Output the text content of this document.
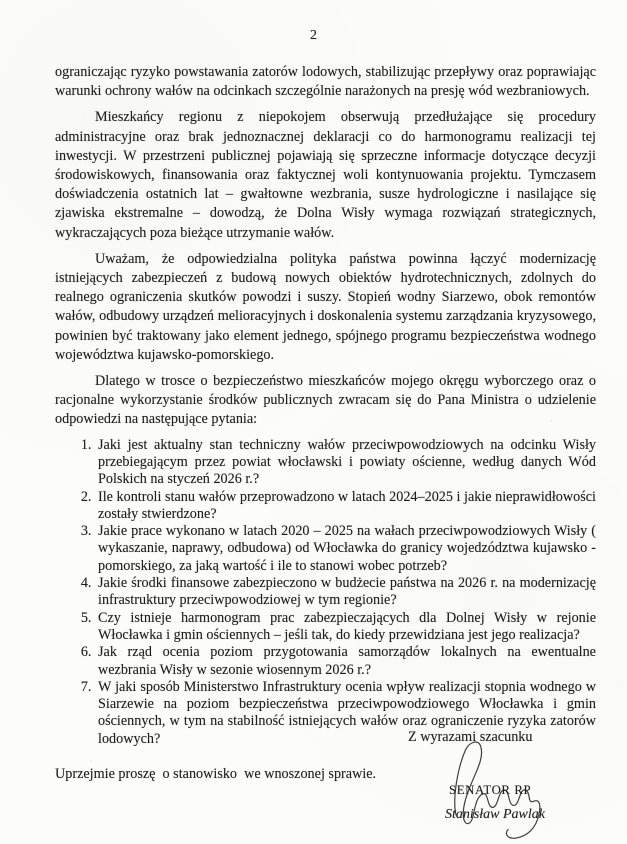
2

ograniczając ryzyko powstawania zatorów lodowych, stabilizując przepływy oraz poprawiając warunki ochrony wałów na odcinkach szczególnie narażonych na presję wód wezbraniowych.

Mieszkańcy regionu z niepokojem obserwują przedłużające się procedury administracyjne oraz brak jednoznacznej deklaracji co do harmonogramu realizacji tej inwestycji. W przestrzeni publicznej pojawiają się sprzeczne informacje dotyczące decyzji środowiskowych, finansowania oraz faktycznej woli kontynuowania projektu. Tymczasem doświadczenia ostatnich lat – gwałtowne wezbrania, susze hydrologiczne i nasilające się zjawiska ekstremalne – dowodzą, że Dolna Wisły wymaga rozwiązań strategicznych, wykraczających poza bieżące utrzymanie wałów.

Uważam, że odpowiedzialna polityka państwa powinna łączyć modernizację istniejących zabezpieczeń z budową nowych obiektów hydrotechnicznych, zdolnych do realnego ograniczenia skutków powodzi i suszy. Stopień wodny Siarzewo, obok remontów wałów, odbudowy urządzeń melioracyjnych i doskonalenia systemu zarządzania kryzysowego, powinien być traktowany jako element jednego, spójnego programu bezpieczeństwa wodnego województwa kujawsko-pomorskiego.

Dlatego w trosce o bezpieczeństwo mieszkańców mojego okręgu wyborczego oraz o racjonalne wykorzystanie środków publicznych zwracam się do Pana Ministra o udzielenie odpowiedzi na następujące pytania:

1. Jaki jest aktualny stan techniczny wałów przeciwpowodziowych na odcinku Wisły przebiegającym przez powiat włocławski i powiaty ościenne, według danych Wód Polskich na styczeń 2026 r.?
2. Ile kontroli stanu wałów przeprowadzono w latach 2024–2025 i jakie nieprawidłowości zostały stwierdzone?
3. Jakie prace wykonano w latach 2020 – 2025 na wałach przeciwpowodziowych Wisły ( wykaszanie, naprawy, odbudowa) od Włocławka do granicy wojedzództwa kujawsko - pomorskiego, za jaką wartość i ile to stanowi wobec potrzeb?
4. Jakie środki finansowe zabezpieczono w budżecie państwa na 2026 r. na modernizację infrastruktury przeciwpowodziowej w tym regionie?
5. Czy istnieje harmonogram prac zabezpieczających dla Dolnej Wisły w rejonie Włocławka i gmin ościennych – jeśli tak, do kiedy przewidziana jest jego realizacja?
6. Jak rząd ocenia poziom przygotowania samorządów lokalnych na ewentualne wezbrania Wisły w sezonie wiosennym 2026 r.?
7. W jaki sposób Ministerstwo Infrastruktury ocenia wpływ realizacji stopnia wodnego w Siarzewie na poziom bezpieczeństwa przeciwpowodziowego Włocławka i gmin ościennych, w tym na stabilność istniejących wałów oraz ograniczenie ryzyka zatorów lodowych?

Uprzejmie proszę  o stanowisko  we wnoszonej sprawie.

Z wyrazami szacunku
SENATOR RP
Stanisław Pawlak
